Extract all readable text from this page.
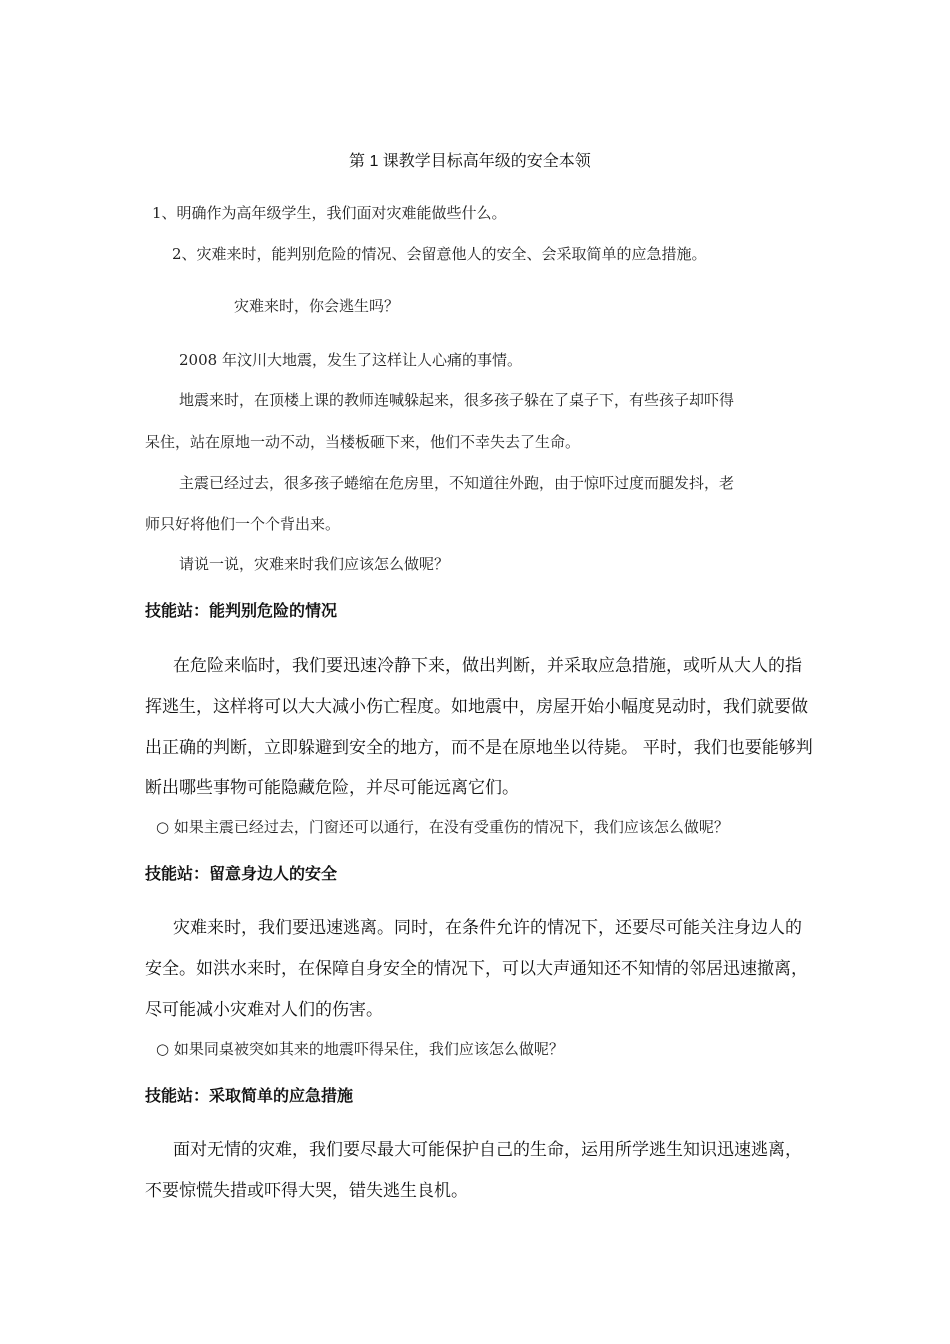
第 1 课教学目标高年级的安全本领
1、明确作为高年级学生，我们面对灾难能做些什么。
2、灾难来时，能判别危险的情况、会留意他人的安全、会采取简单的应急措施。
灾难来时，你会逃生吗？
2008 年汶川大地震，发生了这样让人心痛的事情。
地震来时，在顶楼上课的教师连喊躲起来，很多孩子躲在了桌子下，有些孩子却吓得
呆住，站在原地一动不动，当楼板砸下来，他们不幸失去了生命。
主震已经过去，很多孩子蜷缩在危房里，不知道往外跑，由于惊吓过度而腿发抖，老
师只好将他们一个个背出来。
请说一说，灾难来时我们应该怎么做呢？
技能站：能判别危险的情况
在危险来临时，我们要迅速冷静下来，做出判断，并采取应急措施，或听从大人的指
挥逃生，这样将可以大大减小伤亡程度。如地震中，房屋开始小幅度晃动时，我们就要做
出正确的判断，立即躲避到安全的地方，而不是在原地坐以待毙。 平时，我们也要能够判
断出哪些事物可能隐藏危险，并尽可能远离它们。
○ 如果主震已经过去，门窗还可以通行，在没有受重伤的情况下，我们应该怎么做呢？
技能站：留意身边人的安全
灾难来时，我们要迅速逃离。同时，在条件允许的情况下，还要尽可能关注身边人的
安全。如洪水来时，在保障自身安全的情况下，可以大声通知还不知情的邻居迅速撤离，
尽可能减小灾难对人们的伤害。
○ 如果同桌被突如其来的地震吓得呆住，我们应该怎么做呢？
技能站：采取简单的应急措施
面对无情的灾难，我们要尽最大可能保护自己的生命，运用所学逃生知识迅速逃离，
不要惊慌失措或吓得大哭，错失逃生良机。
